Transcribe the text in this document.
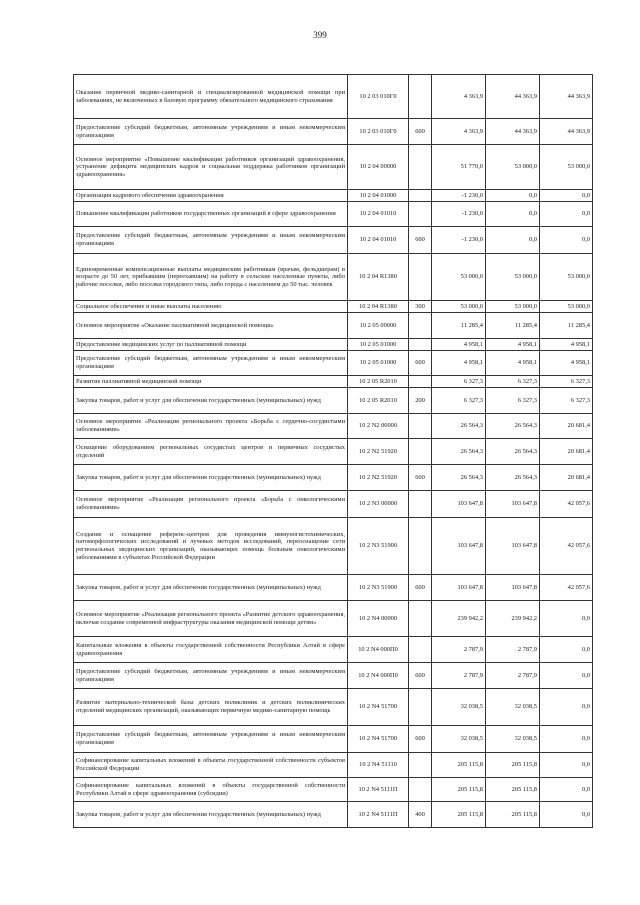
399
Оказание первичной медико-санитарной и специализированной медицинской помощи при заболеваниях, не включенных в базовую программу обязательного медицинского страхования	10 2 03 010Г0		4 363,9	44 363,9	44 363,9
Предоставление субсидий бюджетным, автономным учреждениям и иным некоммерческим организациям	10 2 03 010Г0	600	4 363,9	44 363,9	44 363,9
Основное мероприятие «Повышение квалификации работников организаций здравоохранения, устранение дефицита медицинских кадров и социальная поддержка работников организаций здравоохранения»	10 2 04 00000		51 770,0	53 000,0	53 000,0
Организация кадрового обеспечения здравоохранения	10 2 04 01000		-1 230,0	0,0	0,0
Повышение квалификации работников государственных организаций в сфере здравоохранения	10 2 04 01010		-1 230,0	0,0	0,0
Предоставление субсидий бюджетным, автономным учреждениям и иным некоммерческим организациям	10 2 04 01010	600	-1 230,0	0,0	0,0
Единовременные компенсационные выплаты медицинским работникам (врачам, фельдшерам) в возрасте до 50 лет, прибывшим (переехавшим) на работу в сельские населенные пункты, либо рабочие поселки, либо поселки городского типа, либо города с населением до 50 тыс. человек	10 2 04 R1380		53 000,0	53 000,0	53 000,0
Социальное обеспечение и иные выплаты населению	10 2 04 R1380	300	53 000,0	53 000,0	53 000,0
Основное мероприятие «Оказание паллиативной медицинской помощи»	10 2 05 00000		11 285,4	11 285,4	11 285,4
Предоставление медицинских услуг по паллиативной помощи	10 2 05 01000		4 958,1	4 958,1	4 958,1
Предоставление субсидий бюджетным, автономным учреждениям и иным некоммерческим организациям	10 2 05 01000	600	4 958,1	4 958,1	4 958,1
Развитие паллиативной медицинской помощи	10 2 05 R2010		6 327,3	6 327,3	6 327,3
Закупка товаров, работ и услуг для обеспечения государственных (муниципальных) нужд	10 2 05 R2010	200	6 327,3	6 327,3	6 327,3
Основное мероприятие «Реализация регионального проекта «Борьба с сердечно-сосудистыми заболеваниями»	10 2 N2 00000		26 564,3	26 564,3	20 681,4
Оснащение оборудованием региональных сосудистых центров и первичных сосудистых отделений	10 2 N2 51920		26 564,3	26 564,3	20 681,4
Закупка товаров, работ и услуг для обеспечения государственных (муниципальных) нужд	10 2 N2 51920	600	26 564,3	26 564,3	20 681,4
Основное мероприятие «Реализация регионального проекта «Борьба с онкологическими заболеваниями»	10 2 N3 00000		103 647,8	103 647,8	42 057,6
Создание и оснащение референс-центров для проведения иммуногистохимических, патоморфологических исследований и лучевых методов исследований, переоснащение сети региональных медицинских организаций, оказывающих помощь больным онкологическими заболеваниями в субъектах Российской Федерации	10 2 N3 51900		103 647,8	103 647,8	42 057,6
Закупка товаров, работ и услуг для обеспечения государственных (муниципальных) нужд	10 2 N3 51900	600	103 647,8	103 647,8	42 057,6
Основное мероприятие «Реализация регионального проекта «Развитие детского здравоохранения, включая создание современной инфраструктуры оказания медицинской помощи детям»	10 2 N4 00000		239 942,2	239 942,2	0,0
Капитальные вложения в объекты государственной собственности Республики Алтай в сфере здравоохранения	10 2 N4 000П0		2 787,9	2 787,9	0,0
Предоставление субсидий бюджетным, автономным учреждениям и иным некоммерческим организациям	10 2 N4 000П0	600	2 787,9	2 787,9	0,0
Развитие материально-технической базы детских поликлиник и детских поликлинических отделений медицинских организаций, оказывающих первичную медико-санитарную помощь	10 2 N4 51700		32 038,5	32 038,5	0,0
Предоставление субсидий бюджетным, автономным учреждениям и иным некоммерческим организациям	10 2 N4 51700	600	32 038,5	32 038,5	0,0
Софинансирование капитальных вложений в объекты государственной собственности субъектов Российской Федерации	10 2 N4 51110		205 115,8	205 115,8	0,0
Софинансирование капитальных вложений в объекты государственной собственности Республики Алтай в сфере здравоохранения (субсидии)	10 2 N4 5111П		205 115,8	205 115,8	0,0
Закупка товаров, работ и услуг для обеспечения государственных (муниципальных) нужд	10 2 N4 5111П	400	205 115,8	205 115,8	0,0
